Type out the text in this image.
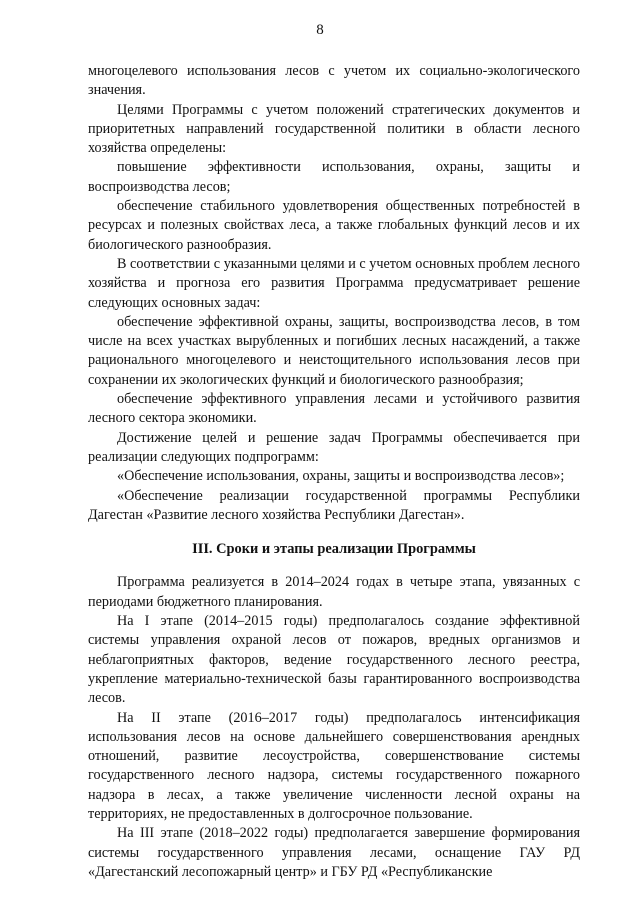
8

многоцелевого использования лесов с учетом их социально-экологического значения.

Целями Программы с учетом положений стратегических документов и приоритетных направлений государственной политики в области лесного хозяйства определены:

повышение эффективности использования, охраны, защиты и воспроизводства лесов;

обеспечение стабильного удовлетворения общественных потребностей в ресурсах и полезных свойствах леса, а также глобальных функций лесов и их биологического разнообразия.

В соответствии с указанными целями и с учетом основных проблем лесного хозяйства и прогноза его развития Программа предусматривает решение следующих основных задач:

обеспечение эффективной охраны, защиты, воспроизводства лесов, в том числе на всех участках вырубленных и погибших лесных насаждений, а также рационального многоцелевого и неистощительного использования лесов при сохранении их экологических функций и биологического разнообразия;

обеспечение эффективного управления лесами и устойчивого развития лесного сектора экономики.

Достижение целей и решение задач Программы обеспечивается при реализации следующих подпрограмм:

«Обеспечение использования, охраны, защиты и воспроизводства лесов»;

«Обеспечение реализации государственной программы Республики Дагестан «Развитие лесного хозяйства Республики Дагестан».

III. Сроки и этапы реализации Программы

Программа реализуется в 2014–2024 годах в четыре этапа, увязанных с периодами бюджетного планирования.

На I этапе (2014–2015 годы) предполагалось создание эффективной системы управления охраной лесов от пожаров, вредных организмов и неблагоприятных факторов, ведение государственного лесного реестра, укрепление материально-технической базы гарантированного воспроизводства лесов.

На II этапе (2016–2017 годы) предполагалось интенсификация использования лесов на основе дальнейшего совершенствования арендных отношений, развитие лесоустройства, совершенствование системы государственного лесного надзора, системы государственного пожарного надзора в лесах, а также увеличение численности лесной охраны на территориях, не предоставленных в долгосрочное пользование.

На III этапе (2018–2022 годы) предполагается завершение формирования системы государственного управления лесами, оснащение ГАУ РД «Дагестанский лесопожарный центр» и ГБУ РД «Республиканские
